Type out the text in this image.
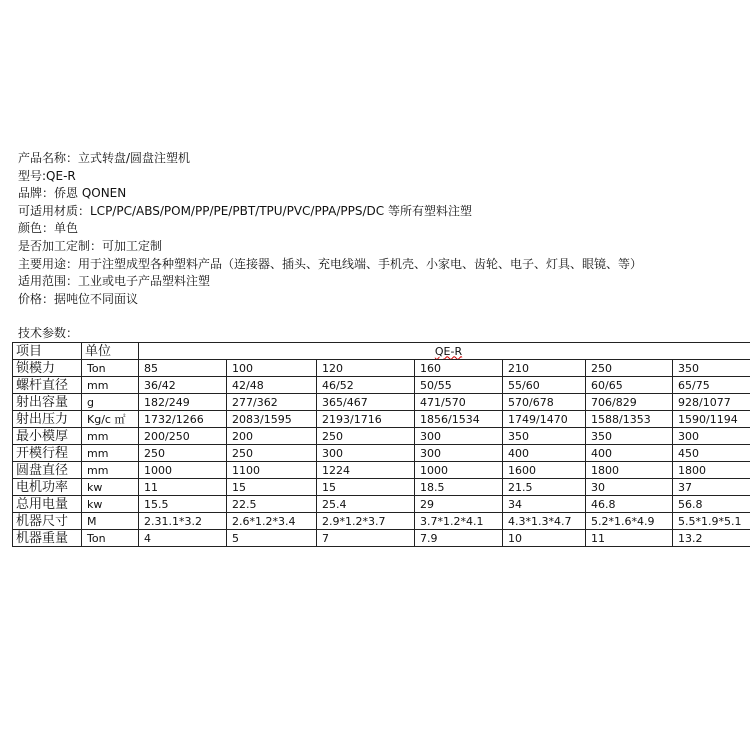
产品名称：立式转盘/圆盘注塑机
型号:QE-R
品牌：侨恩 QONEN
可适用材质：LCP/PC/ABS/POM/PP/PE/PBT/TPU/PVC/PPA/PPS/DC 等所有塑料注塑
颜色：单色
是否加工定制：可加工定制
主要用途：用于注塑成型各种塑料产品（连接器、插头、充电线端、手机壳、小家电、齿轮、电子、灯具、眼镜、等）
适用范围：工业或电子产品塑料注塑
价格：据吨位不同面议
技术参数：
项目	单位	QE-R						
锁模力	Ton	85	100	120	160	210	250	350
螺杆直径	mm	36/42	42/48	46/52	50/55	55/60	60/65	65/75
射出容量	g	182/249	277/362	365/467	471/570	570/678	706/829	928/1077
射出压力	Kg/c ㎡	1732/1266	2083/1595	2193/1716	1856/1534	1749/1470	1588/1353	1590/1194
最小模厚	mm	200/250	200	250	300	350	350	300
开模行程	mm	250	250	300	300	400	400	450
圆盘直径	mm	1000	1100	1224	1000	1600	1800	1800
电机功率	kw	11	15	15	18.5	21.5	30	37
总用电量	kw	15.5	22.5	25.4	29	34	46.8	56.8
机器尺寸	M	2.31.1*3.2	2.6*1.2*3.4	2.9*1.2*3.7	3.7*1.2*4.1	4.3*1.3*4.7	5.2*1.6*4.9	5.5*1.9*5.1
机器重量	Ton	4	5	7	7.9	10	11	13.2
